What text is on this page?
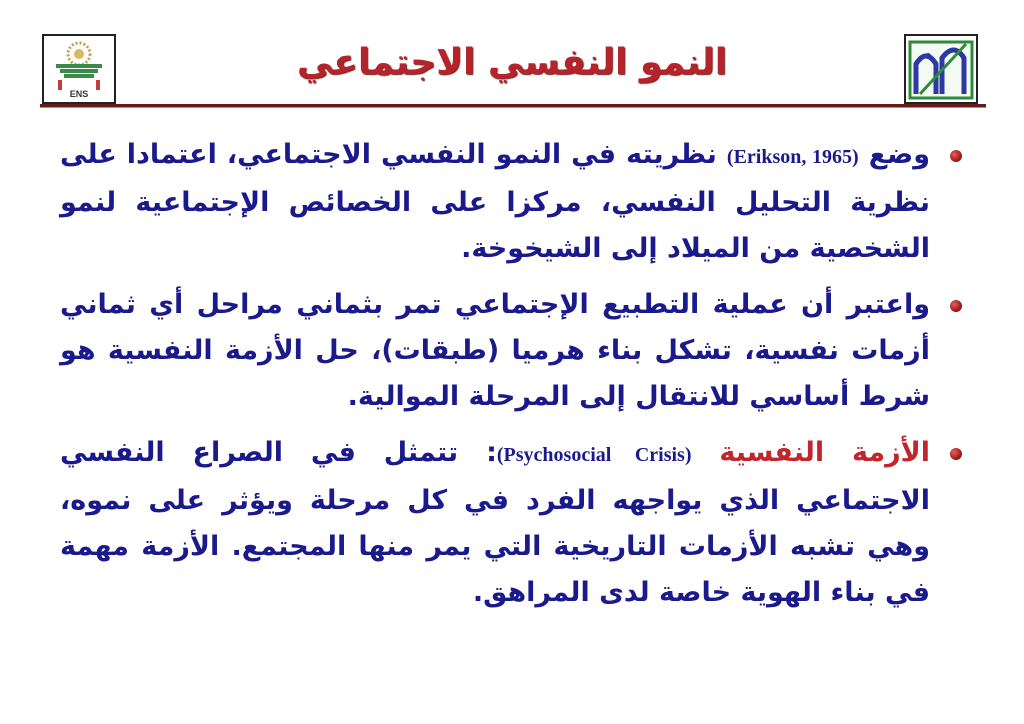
ENS
النمو النفسي الاجتماعي
وضع (Erikson, 1965) نظريته في النمو النفسي الاجتماعي، اعتمادا على نظرية التحليل النفسي، مركزا على الخصائص الإجتماعية لنمو الشخصية من الميلاد إلى الشيخوخة.
واعتبر أن عملية التطبيع الإجتماعي تمر بثماني مراحل أي ثماني أزمات نفسية، تشكل بناء هرميا (طبقات)، حل الأزمة النفسية هو شرط أساسي للانتقال إلى المرحلة الموالية.
الأزمة النفسية (Psychosocial Crisis): تتمثل في الصراع النفسي الاجتماعي الذي يواجهه الفرد في كل مرحلة ويؤثر على نموه، وهي تشبه الأزمات التاريخية التي يمر منها المجتمع. الأزمة مهمة في بناء الهوية خاصة لدى المراهق.
